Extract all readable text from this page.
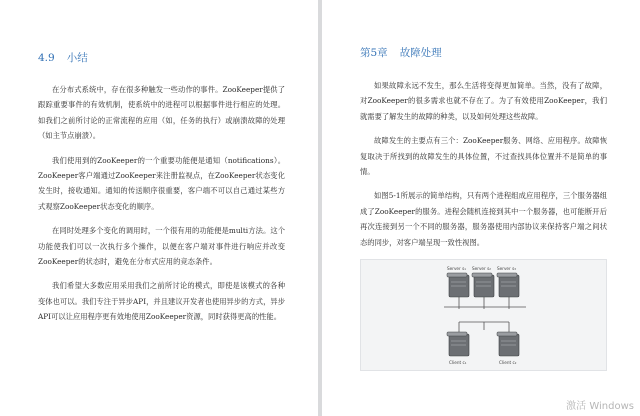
4.9 小结

在分布式系统中，存在很多种触发一些动作的事件。ZooKeeper提供了跟踪重要事件的有效机制，使系统中的进程可以根据事件进行相应的处理。如我们之前所讨论的正常流程的应用（如，任务的执行）或崩溃故障的处理（如主节点崩溃）。

我们使用到的ZooKeeper的一个重要功能便是通知（notifications）。ZooKeeper客户端通过ZooKeeper来注册监视点，在ZooKeeper状态变化发生时，接收通知。通知的传送顺序很重要，客户端不可以自己通过某些方式观察ZooKeeper状态变化的顺序。

在同时处理多个变化的调用时，一个很有用的功能便是multi方法。这个功能使我们可以一次执行多个操作，以便在客户端对事件进行响应并改变ZooKeeper的状态时，避免在分布式应用的竞态条件。

我们希望大多数应用采用我们之前所讨论的模式，即使是该模式的各种变体也可以。我们专注于异步API，并且建议开发者也使用异步的方式，异步API可以让应用程序更有效地使用ZooKeeper资源，同时获得更高的性能。

第5章 故障处理

如果故障永远不发生，那么生活将变得更加简单。当然，没有了故障，对ZooKeeper的很多需求也就不存在了。为了有效使用ZooKeeper，我们就需要了解发生的故障的种类，以及如何处理这些故障。

故障发生的主要点有三个：ZooKeeper服务、网络、应用程序。故障恢复取决于所找到的故障发生的具体位置，不过查找具体位置并不是简单的事情。

如图5-1所展示的简单结构，只有两个进程组成应用程序，三个服务器组成了ZooKeeper的服务。进程会随机连接到其中一个服务器，也可能断开后再次连接到另一个不同的服务器，服务器使用内部协议来保持客户端之间状态的同步，对客户端呈现一致性视图。

Server s₁ Server s₂ Server s₃
Client c₁	Client c₂
激活 Windows
